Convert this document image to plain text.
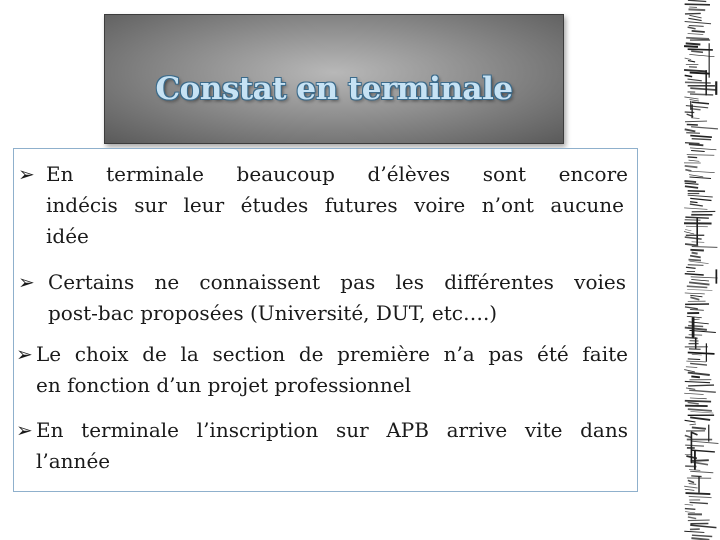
Constat en terminale
➢ En terminale beaucoup d’élèves sont encore
indécis sur leur études futures voire n’ont aucune
idée
➢ Certains ne connaissent pas les différentes voies
post-bac proposées (Université, DUT, etc….)
➢ Le choix de la section de première n’a pas été faite
en fonction d’un projet professionnel
➢ En terminale l’inscription sur APB arrive vite dans
l’année
